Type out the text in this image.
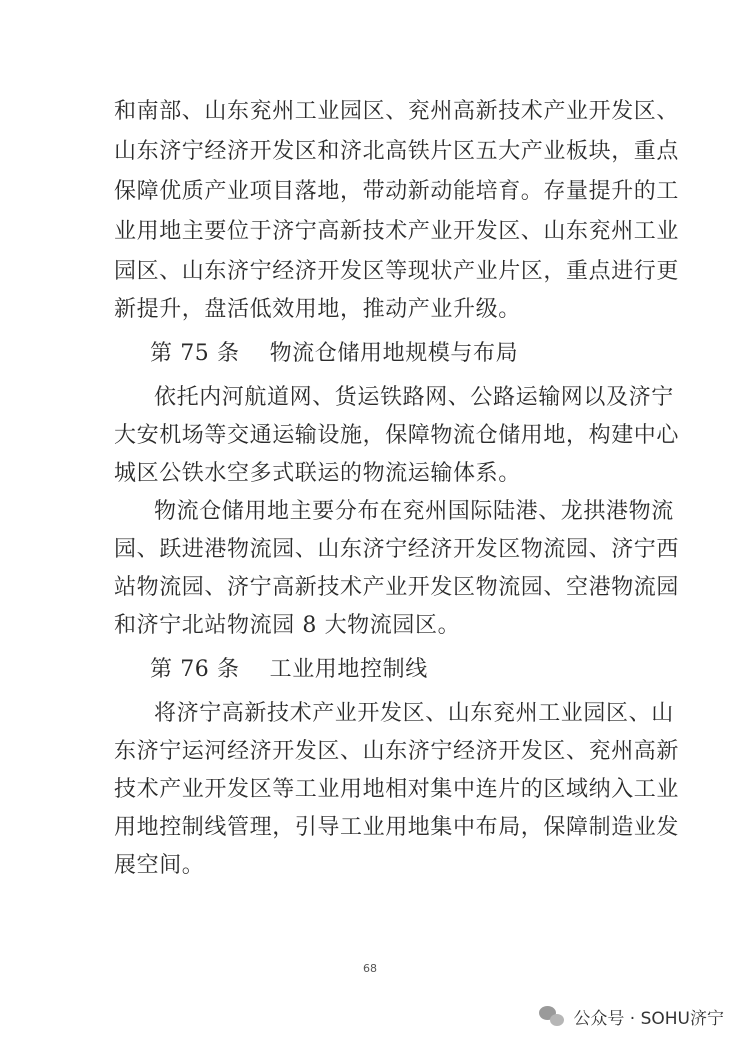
和南部、山东兖州工业园区、兖州高新技术产业开发区、
山东济宁经济开发区和济北高铁片区五大产业板块，重点
保障优质产业项目落地，带动新动能培育。存量提升的工
业用地主要位于济宁高新技术产业开发区、山东兖州工业
园区、山东济宁经济开发区等现状产业片区，重点进行更
新提升，盘活低效用地，推动产业升级。
第 75 条 物流仓储用地规模与布局
依托内河航道网、货运铁路网、公路运输网以及济宁
大安机场等交通运输设施，保障物流仓储用地，构建中心
城区公铁水空多式联运的物流运输体系。
物流仓储用地主要分布在兖州国际陆港、龙拱港物流
园、跃进港物流园、山东济宁经济开发区物流园、济宁西
站物流园、济宁高新技术产业开发区物流园、空港物流园
和济宁北站物流园 8 大物流园区。
第 76 条 工业用地控制线
将济宁高新技术产业开发区、山东兖州工业园区、山
东济宁运河经济开发区、山东济宁经济开发区、兖州高新
技术产业开发区等工业用地相对集中连片的区域纳入工业
用地控制线管理，引导工业用地集中布局，保障制造业发
展空间。
68
公众号 · SOHU济宁
